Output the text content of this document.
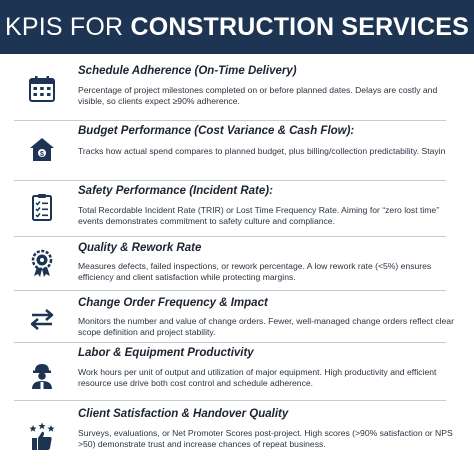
KPIS FOR CONSTRUCTION SERVICES
Schedule Adherence (On-Time Delivery)
Percentage of project milestones completed on or before planned dates. Delays are costly and visible, so clients expect ≥90% adherence.
$
Budget Performance (Cost Variance & Cash Flow):
Tracks how actual spend compares to planned budget, plus billing/collection predictability. Stayin
Safety Performance (Incident Rate):
Total Recordable Incident Rate (TRIR) or Lost Time Frequency Rate. Aiming for “zero lost time” events demonstrates commitment to safety culture and compliance.
Quality & Rework Rate
Measures defects, failed inspections, or rework percentage. A low rework rate (<5%) ensures efficiency and client satisfaction while protecting margins.
Change Order Frequency & Impact
Monitors the number and value of change orders. Fewer, well-managed change orders reflect clear scope definition and project stability.
Labor & Equipment Productivity
Work hours per unit of output and utilization of major equipment. High productivity and efficient resource use drive both cost control and schedule adherence.
Client Satisfaction & Handover Quality
Surveys, evaluations, or Net Promoter Scores post-project. High scores (>90% satisfaction or NPS >50) demonstrate trust and increase chances of repeat business.
